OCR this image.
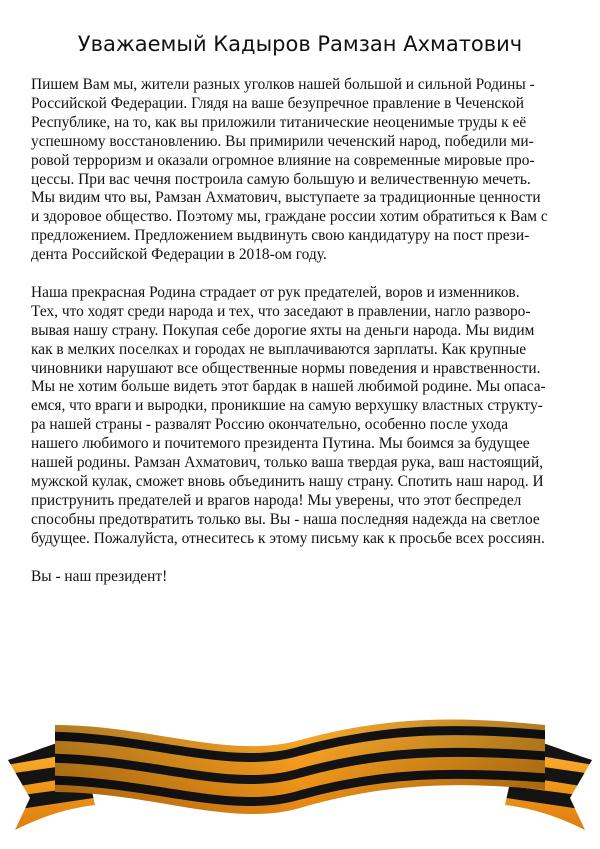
Уважаемый Кадыров Рамзан Ахматович

Пишем Вам мы, жители разных уголков нашей большой и сильной Родины -
Российской Федерации. Глядя на ваше безупречное правление в Чеченской
Республике, на то, как вы приложили титанические неоценимые труды к её
успешному восстановлению. Вы примирили чеченский народ, победили ми-
ровой терроризм и оказали огромное влияние на современные мировые про-
цессы. При вас чечня построила самую большую и величественную мечеть.
Мы видим что вы, Рамзан Ахматович, выступаете за традиционные ценности
и здоровое общество. Поэтому мы, граждане россии хотим обратиться к Вам с
предложением. Предложением выдвинуть свою кандидатуру на пост прези-
дента Российской Федерации в 2018-ом году.

Наша прекрасная Родина страдает от рук предателей, воров и изменников.
Тех, что ходят среди народа и тех, что заседают в правлении, нагло разворо-
вывая нашу страну. Покупая себе дорогие яхты на деньги народа. Мы видим
как в мелких поселках и городах не выплачиваются зарплаты. Как крупные
чиновники нарушают все общественные нормы поведения и нравственности.
Мы не хотим больше видеть этот бардак в нашей любимой родине. Мы опаса-
емся, что враги и выродки, проникшие на самую верхушку властных структу-
ра нашей страны - развалят Россию окончательно, особенно после ухода
нашего любимого и почитемого президента Путина. Мы боимся за будущее
нашей родины. Рамзан Ахматович, только ваша твердая рука, ваш настоящий,
мужской кулак, сможет вновь объединить нашу страну. Спотить наш народ. И
приструнить предателей и врагов народа! Мы уверены, что этот беспредел
способны предотвратить только вы. Вы - наша последняя надежда на светлое
будущее. Пожалуйста, отнеситесь к этому письму как к просьбе всех россиян.

Вы - наш президент!
